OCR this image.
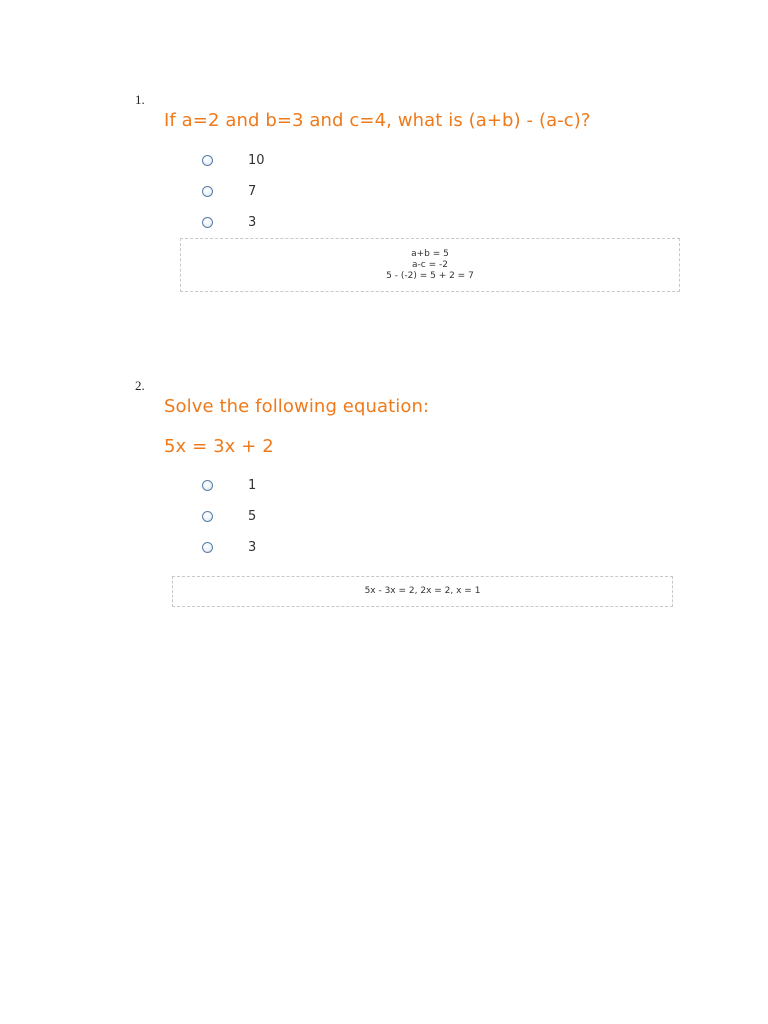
1.
If a=2 and b=3 and c=4, what is (a+b) - (a-c)?
10
7
3
a+b = 5
a-c = -2
5 - (-2) = 5 + 2 = 7
2.
Solve the following equation:
5x = 3x + 2
1
5
3
5x - 3x = 2, 2x = 2, x = 1
